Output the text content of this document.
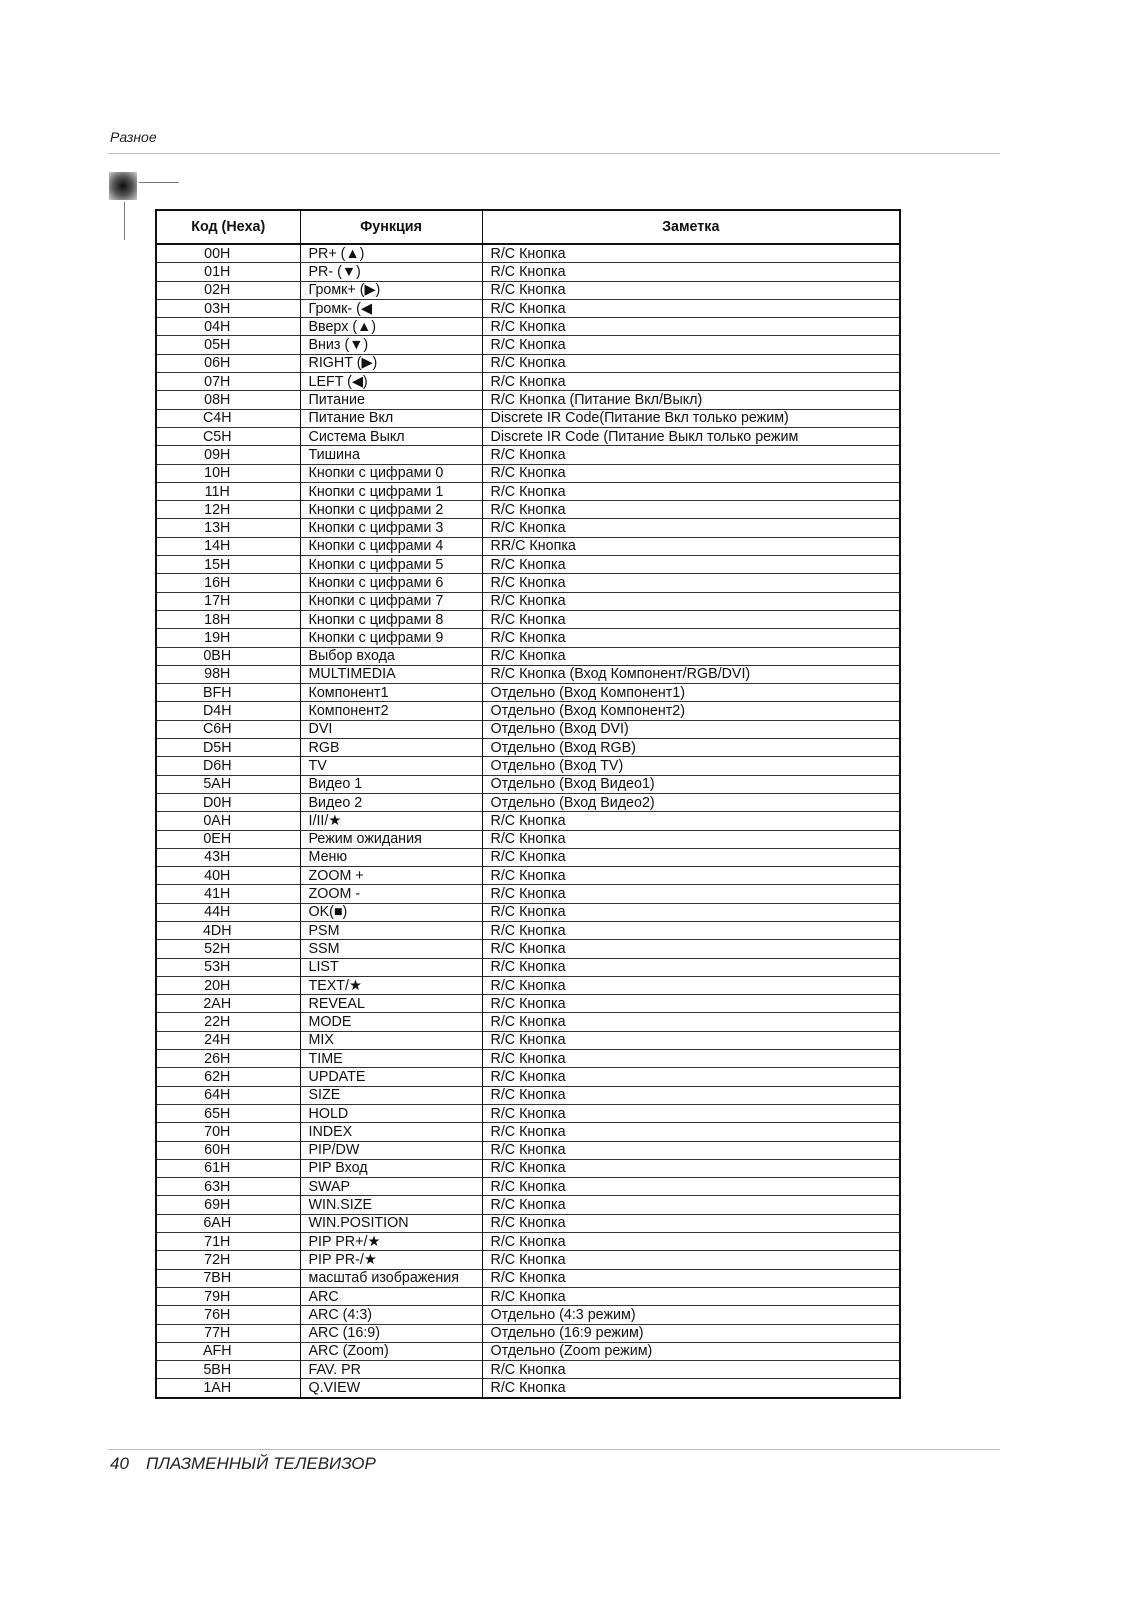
Разное
Код (Hexa)	Функция	Заметка
00H	PR+ (▲)	R/C Кнопка
01H	PR- (▼)	R/C Кнопка
02H	Громк+ (▶)	R/C Кнопка
03H	Громк- (◀	R/C Кнопка
04H	Вверх (▲)	R/C Кнопка
05H	Вниз (▼)	R/C Кнопка
06H	RIGHT (▶)	R/C Кнопка
07H	LEFT (◀)	R/C Кнопка
08H	Питание	R/C Кнопка (Питание Вкл/Выкл)
C4H	Питание Вкл	Discrete IR Code(Питание Вкл только режим)
C5H	Система Выкл	Discrete IR Code (Питание Выкл только режим
09H	Тишина	R/C Кнопка
10H	Кнопки с цифрами 0	R/C Кнопка
11H	Кнопки с цифрами 1	R/C Кнопка
12H	Кнопки с цифрами 2	R/C Кнопка
13H	Кнопки с цифрами 3	R/C Кнопка
14H	Кнопки с цифрами 4	RR/C Кнопка
15H	Кнопки с цифрами 5	R/C Кнопка
16H	Кнопки с цифрами 6	R/C Кнопка
17H	Кнопки с цифрами 7	R/C Кнопка
18H	Кнопки с цифрами 8	R/C Кнопка
19H	Кнопки с цифрами 9	R/C Кнопка
0BH	Выбор входа	R/C Кнопка
98H	MULTIMEDIA	R/C Кнопка (Вход Компонент/RGB/DVI)
BFH	Компонент1	Отдельно (Вход Компонент1)
D4H	Компонент2	Отдельно (Вход Компонент2)
C6H	DVI	Отдельно (Вход DVI)
D5H	RGB	Отдельно (Вход RGB)
D6H	TV	Отдельно (Вход TV)
5AH	Видео 1	Отдельно (Вход Видео1)
D0H	Видео 2	Отдельно (Вход Видео2)
0AH	I/II/★	R/C Кнопка
0EH	Режим ожидания	R/C Кнопка
43H	Меню	R/C Кнопка
40H	ZOOM +	R/C Кнопка
41H	ZOOM -	R/C Кнопка
44H	OK(■)	R/C Кнопка
4DH	PSM	R/C Кнопка
52H	SSM	R/C Кнопка
53H	LIST	R/C Кнопка
20H	TEXT/★	R/C Кнопка
2AH	REVEAL	R/C Кнопка
22H	MODE	R/C Кнопка
24H	MIX	R/C Кнопка
26H	TIME	R/C Кнопка
62H	UPDATE	R/C Кнопка
64H	SIZE	R/C Кнопка
65H	HOLD	R/C Кнопка
70H	INDEX	R/C Кнопка
60H	PIP/DW	R/C Кнопка
61H	PIP Вход	R/C Кнопка
63H	SWAP	R/C Кнопка
69H	WIN.SIZE	R/C Кнопка
6AH	WIN.POSITION	R/C Кнопка
71H	PIP PR+/★	R/C Кнопка
72H	PIP PR-/★	R/C Кнопка
7BH	масштаб изображения	R/C Кнопка
79H	ARC	R/C Кнопка
76H	ARC (4:3)	Отдельно (4:3 режим)
77H	ARC (16:9)	Отдельно (16:9 режим)
AFH	ARC (Zoom)	Отдельно (Zoom режим)
5BH	FAV. PR	R/C Кнопка
1AH	Q.VIEW	R/C Кнопка
40 ПЛАЗМЕННЫЙ ТЕЛЕВИЗОР
